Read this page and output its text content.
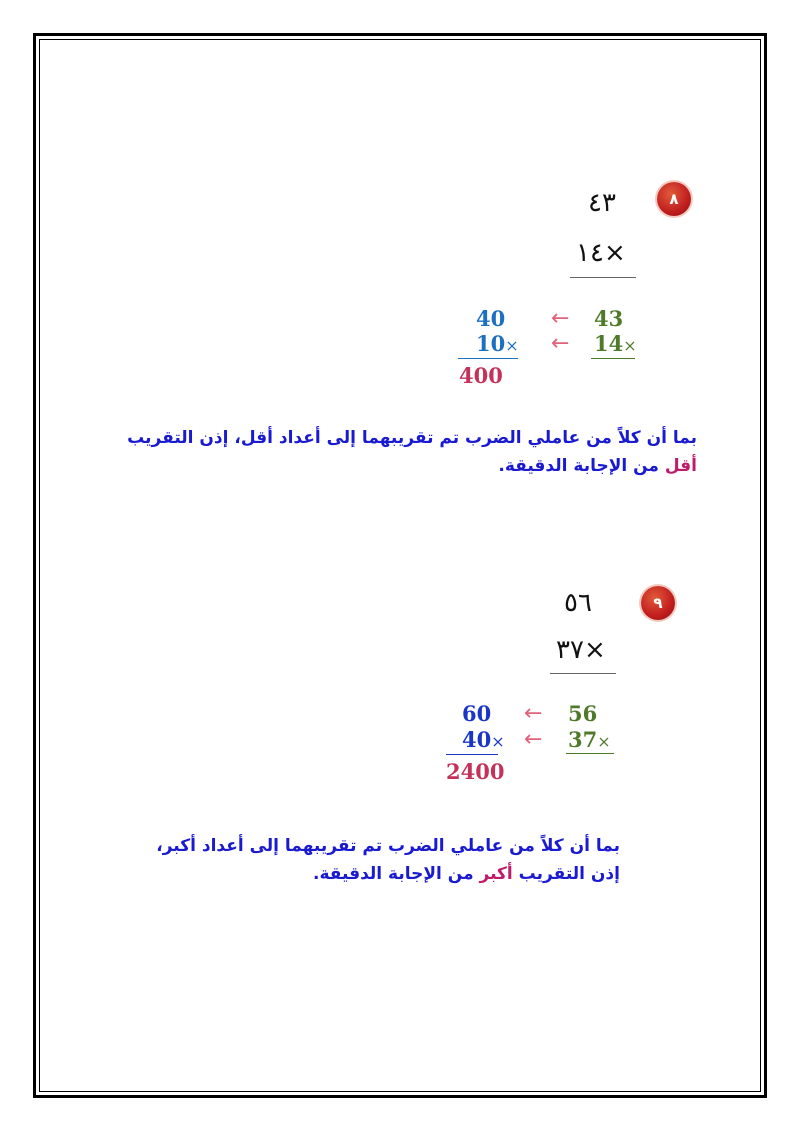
٨
٤٣
١٤×
43
14×
←
←
40
10×
400
بما أن كلاً من عاملي الضرب تم تقريبهما إلى أعداد أقل، إذن التقريب أقل من الإجابة الدقيقة.
٩
٥٦
٣٧×
56
37×
←
←
60
40×
2400
بما أن كلاً من عاملي الضرب تم تقريبهما إلى أعداد أكبر، إذن التقريب أكبر من الإجابة الدقيقة.
